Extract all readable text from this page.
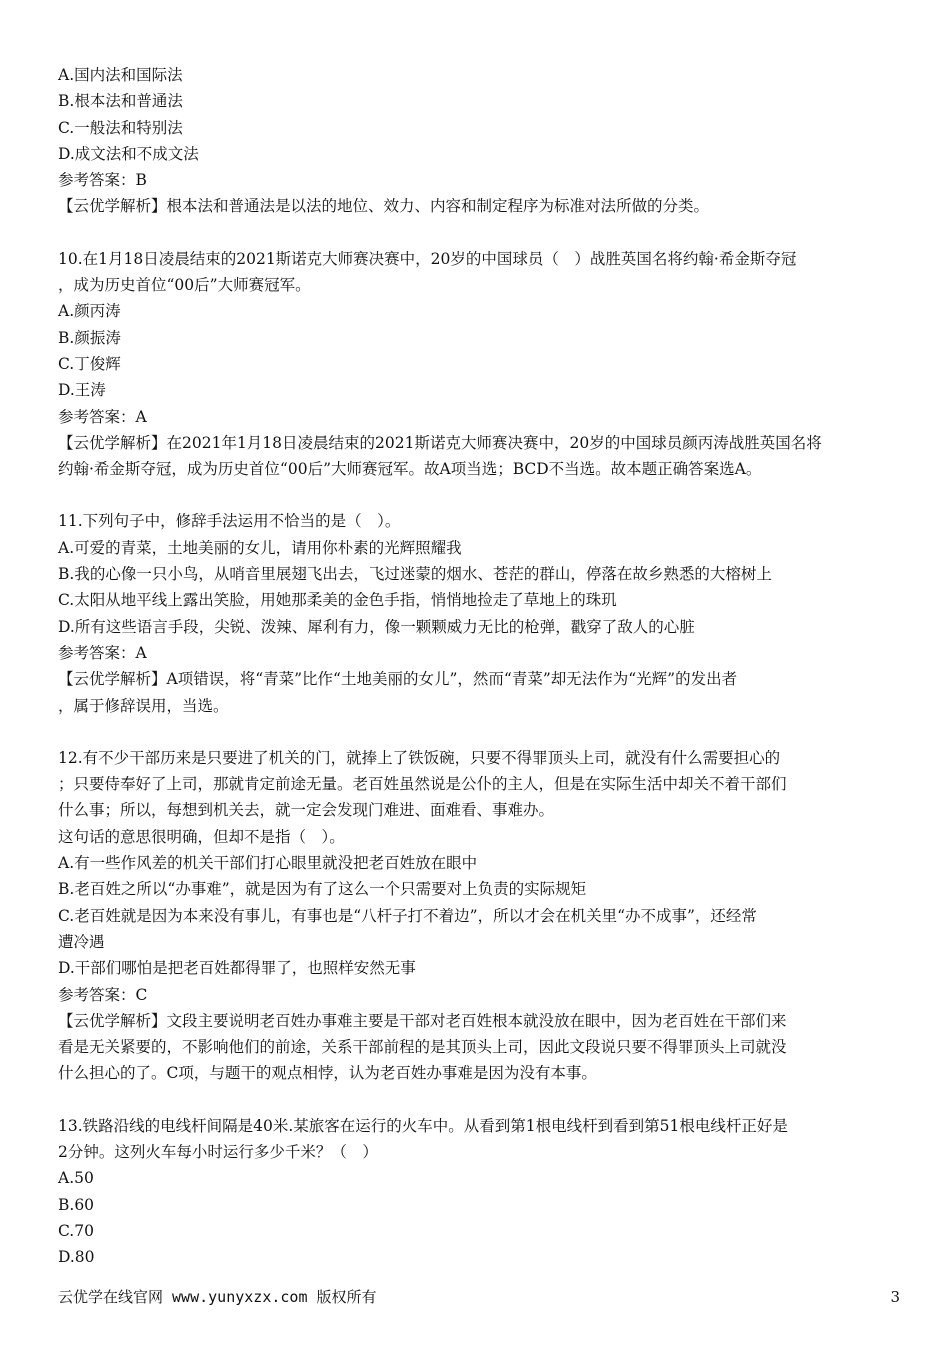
A.国内法和国际法
B.根本法和普通法
C.一般法和特别法
D.成文法和不成文法
参考答案：B
【云优学解析】根本法和普通法是以法的地位、效力、内容和制定程序为标准对法所做的分类。
10.在1月18日凌晨结束的2021斯诺克大师赛决赛中，20岁的中国球员（　）战胜英国名将约翰·希金斯夺冠
，成为历史首位“00后”大师赛冠军。
A.颜丙涛
B.颜振涛
C.丁俊辉
D.王涛
参考答案：A
【云优学解析】在2021年1月18日凌晨结束的2021斯诺克大师赛决赛中，20岁的中国球员颜丙涛战胜英国名将
约翰·希金斯夺冠，成为历史首位“00后”大师赛冠军。故A项当选；BCD不当选。故本题正确答案选A。
11.下列句子中，修辞手法运用不恰当的是（　）。
A.可爱的青菜，土地美丽的女儿，请用你朴素的光辉照耀我
B.我的心像一只小鸟，从哨音里展翅飞出去，飞过迷蒙的烟水、苍茫的群山，停落在故乡熟悉的大榕树上
C.太阳从地平线上露出笑脸，用她那柔美的金色手指，悄悄地捡走了草地上的珠玑
D.所有这些语言手段，尖锐、泼辣、犀利有力，像一颗颗威力无比的枪弹，戳穿了敌人的心脏
参考答案：A
【云优学解析】A项错误，将“青菜”比作“土地美丽的女儿”，然而“青菜”却无法作为“光辉”的发出者
，属于修辞误用，当选。
12.有不少干部历来是只要进了机关的门，就捧上了铁饭碗，只要不得罪顶头上司，就没有什么需要担心的
；只要侍奉好了上司，那就肯定前途无量。老百姓虽然说是公仆的主人，但是在实际生活中却关不着干部们
什么事；所以，每想到机关去，就一定会发现门难进、面难看、事难办。
这句话的意思很明确，但却不是指（　）。
A.有一些作风差的机关干部们打心眼里就没把老百姓放在眼中
B.老百姓之所以“办事难”，就是因为有了这么一个只需要对上负责的实际规矩
C.老百姓就是因为本来没有事儿，有事也是“八杆子打不着边”，所以才会在机关里“办不成事”，还经常
遭冷遇
D.干部们哪怕是把老百姓都得罪了，也照样安然无事
参考答案：C
【云优学解析】文段主要说明老百姓办事难主要是干部对老百姓根本就没放在眼中，因为老百姓在干部们来
看是无关紧要的，不影响他们的前途，关系干部前程的是其顶头上司，因此文段说只要不得罪顶头上司就没
什么担心的了。C项，与题干的观点相悖，认为老百姓办事难是因为没有本事。
13.铁路沿线的电线杆间隔是40米.某旅客在运行的火车中。从看到第1根电线杆到看到第51根电线杆正好是
2分钟。这列火车每小时运行多少千米？（　）
A.50
B.60
C.70
D.80
云优学在线官网 www.yunyxzx.com 版权所有	3
